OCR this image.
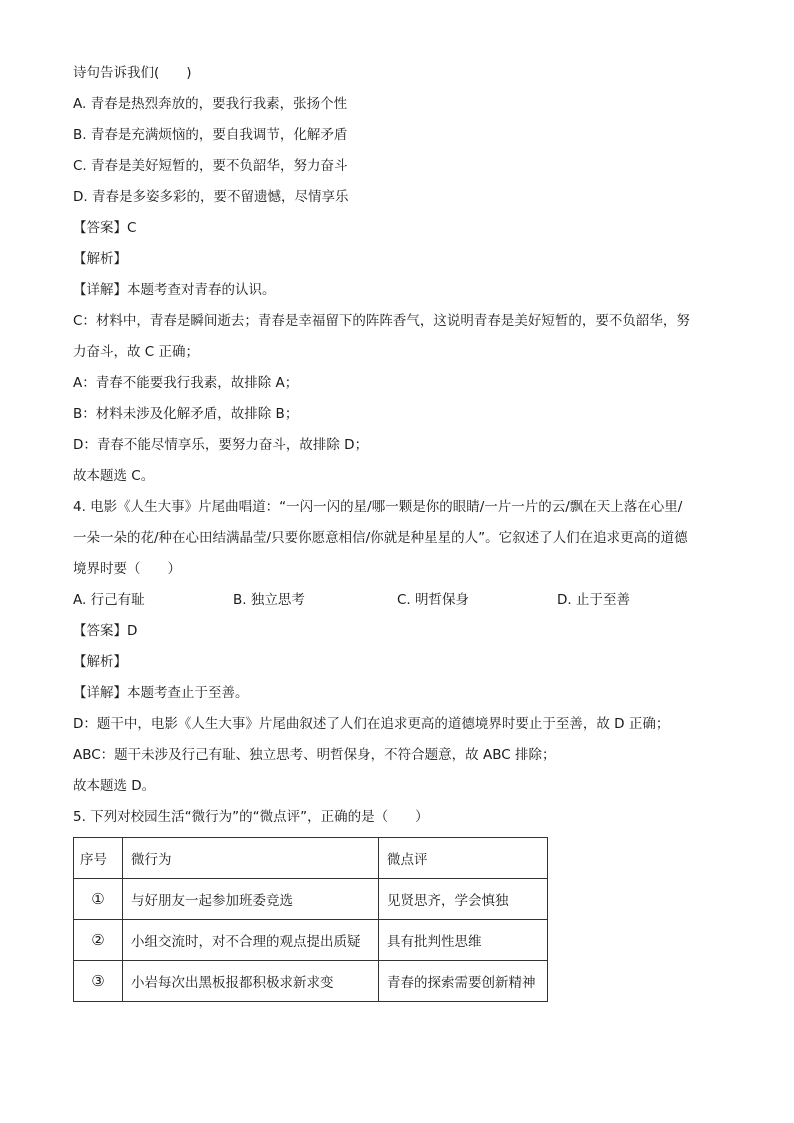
诗句告诉我们(　　)
A. 青春是热烈奔放的，要我行我素，张扬个性
B. 青春是充满烦恼的，要自我调节，化解矛盾
C. 青春是美好短暂的，要不负韶华，努力奋斗
D. 青春是多姿多彩的，要不留遗憾，尽情享乐
【答案】C
【解析】
【详解】本题考查对青春的认识。
C：材料中，青春是瞬间逝去；青春是幸福留下的阵阵香气，这说明青春是美好短暂的，要不负韶华，努
力奋斗，故 C 正确；
A：青春不能要我行我素，故排除 A；
B：材料未涉及化解矛盾，故排除 B；
D：青春不能尽情享乐，要努力奋斗，故排除 D；
故本题选 C。
4. 电影《人生大事》片尾曲唱道：“一闪一闪的星/哪一颗是你的眼睛/一片一片的云/飘在天上落在心里/
一朵一朵的花/种在心田结满晶莹/只要你愿意相信/你就是种星星的人”。它叙述了人们在追求更高的道德
境界时要（　　）
A. 行己有耻	B. 独立思考	C. 明哲保身	D. 止于至善
【答案】D
【解析】
【详解】本题考查止于至善。
D：题干中，电影《人生大事》片尾曲叙述了人们在追求更高的道德境界时要止于至善，故 D 正确；
ABC：题干未涉及行己有耻、独立思考、明哲保身，不符合题意，故 ABC 排除；
故本题选 D。
5. 下列对校园生活“微行为”的“微点评”，正确的是（　　）
序号	微行为	微点评
①	与好朋友一起参加班委竞选	见贤思齐，学会慎独
②	小组交流时，对不合理的观点提出质疑	具有批判性思维
③	小岩每次出黑板报都积极求新求变	青春的探索需要创新精神
